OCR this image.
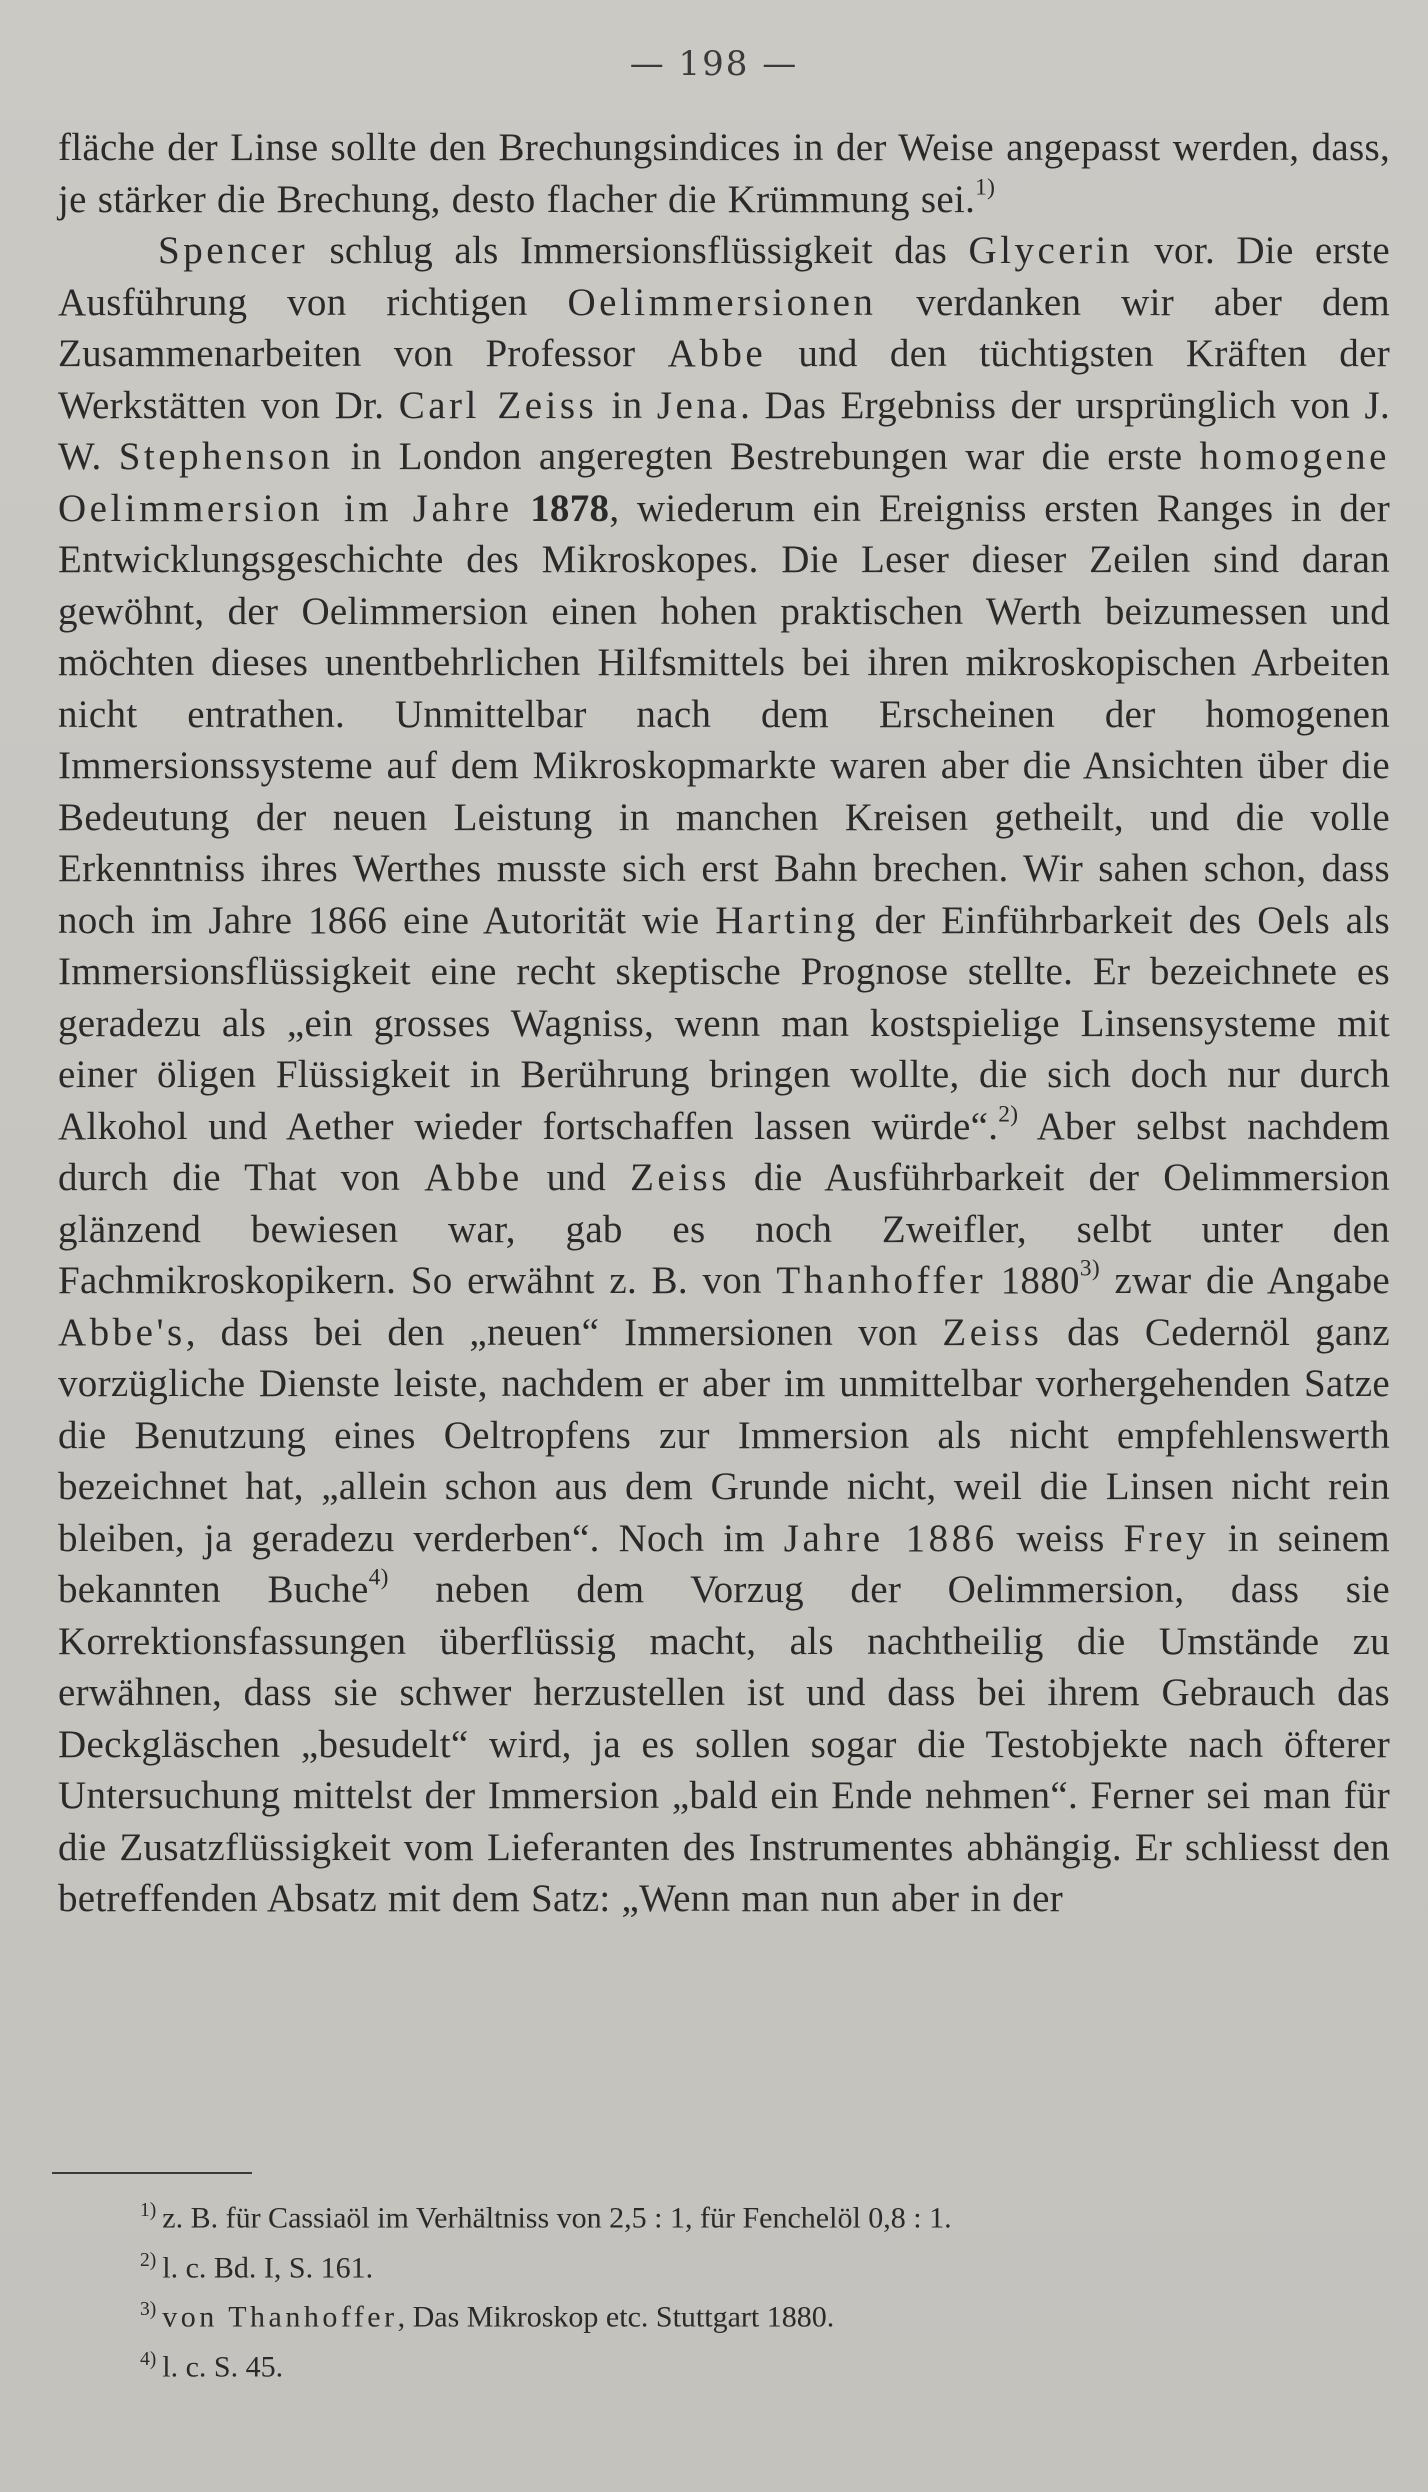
— 198 —

fläche der Linse sollte den Brechungsindices in der Weise angepasst werden, dass, je stärker die Brechung, desto flacher die Krümmung sei.$^{1)}$

Spencer schlug als Immersionsflüssigkeit das Glycerin vor. Die erste Ausführung von richtigen Oelimmersionen verdanken wir aber dem Zusammenarbeiten von Professor Abbe und den tüchtigsten Kräften der Werkstätten von Dr. Carl Zeiss in Jena. Das Ergebniss der ursprünglich von J. W. Stephenson in London angeregten Bestrebungen war die erste homogene Oelimmersion im Jahre 1878, wiederum ein Ereigniss ersten Ranges in der Entwicklungsgeschichte des Mikroskopes. Die Leser dieser Zeilen sind daran gewöhnt, der Oelimmersion einen hohen praktischen Werth beizumessen und möchten dieses unentbehrlichen Hilfsmittels bei ihren mikroskopischen Arbeiten nicht entrathen. Unmittelbar nach dem Erscheinen der homogenen Immersionssysteme auf dem Mikroskopmarkte waren aber die Ansichten über die Bedeutung der neuen Leistung in manchen Kreisen getheilt, und die volle Erkenntniss ihres Werthes musste sich erst Bahn brechen. Wir sahen schon, dass noch im Jahre 1866 eine Autorität wie Harting der Einführbarkeit des Oels als Immersionsflüssigkeit eine recht skeptische Prognose stellte. Er bezeichnete es geradezu als „ein grosses Wagniss, wenn man kostspielige Linsensysteme mit einer öligen Flüssigkeit in Berührung bringen wollte, die sich doch nur durch Alkohol und Aether wieder fortschaffen lassen würde“.$^{2)}$ Aber selbst nachdem durch die That von Abbe und Zeiss die Ausführbarkeit der Oelimmersion glänzend bewiesen war, gab es noch Zweifler, selbt unter den Fachmikroskopikern. So erwähnt z. B. von Thanhoffer 1880$^{3)}$ zwar die Angabe Abbe's, dass bei den „neuen“ Immersionen von Zeiss das Cedernöl ganz vorzügliche Dienste leiste, nachdem er aber im unmittelbar vorhergehenden Satze die Benutzung eines Oeltropfens zur Immersion als nicht empfehlenswerth bezeichnet hat, „allein schon aus dem Grunde nicht, weil die Linsen nicht rein bleiben, ja geradezu verderben“. Noch im Jahre 1886 weiss Frey in seinem bekannten Buche$^{4)}$ neben dem Vorzug der Oelimmersion, dass sie Korrektionsfassungen überflüssig macht, als nachtheilig die Umstände zu erwähnen, dass sie schwer herzustellen ist und dass bei ihrem Gebrauch das Deckgläschen „besudelt“ wird, ja es sollen sogar die Testobjekte nach öfterer Untersuchung mittelst der Immersion „bald ein Ende nehmen“. Ferner sei man für die Zusatzflüssigkeit vom Lieferanten des Instrumentes abhängig. Er schliesst den betreffenden Absatz mit dem Satz: „Wenn man nun aber in der

$^{1)}$ z. B. für Cassiaöl im Verhältniss von 2,5 : 1, für Fenchelöl 0,8 : 1.
$^{2)}$ l. c. Bd. I, S. 161.
$^{3)}$ von Thanhoffer, Das Mikroskop etc. Stuttgart 1880.
$^{4)}$ l. c. S. 45.
